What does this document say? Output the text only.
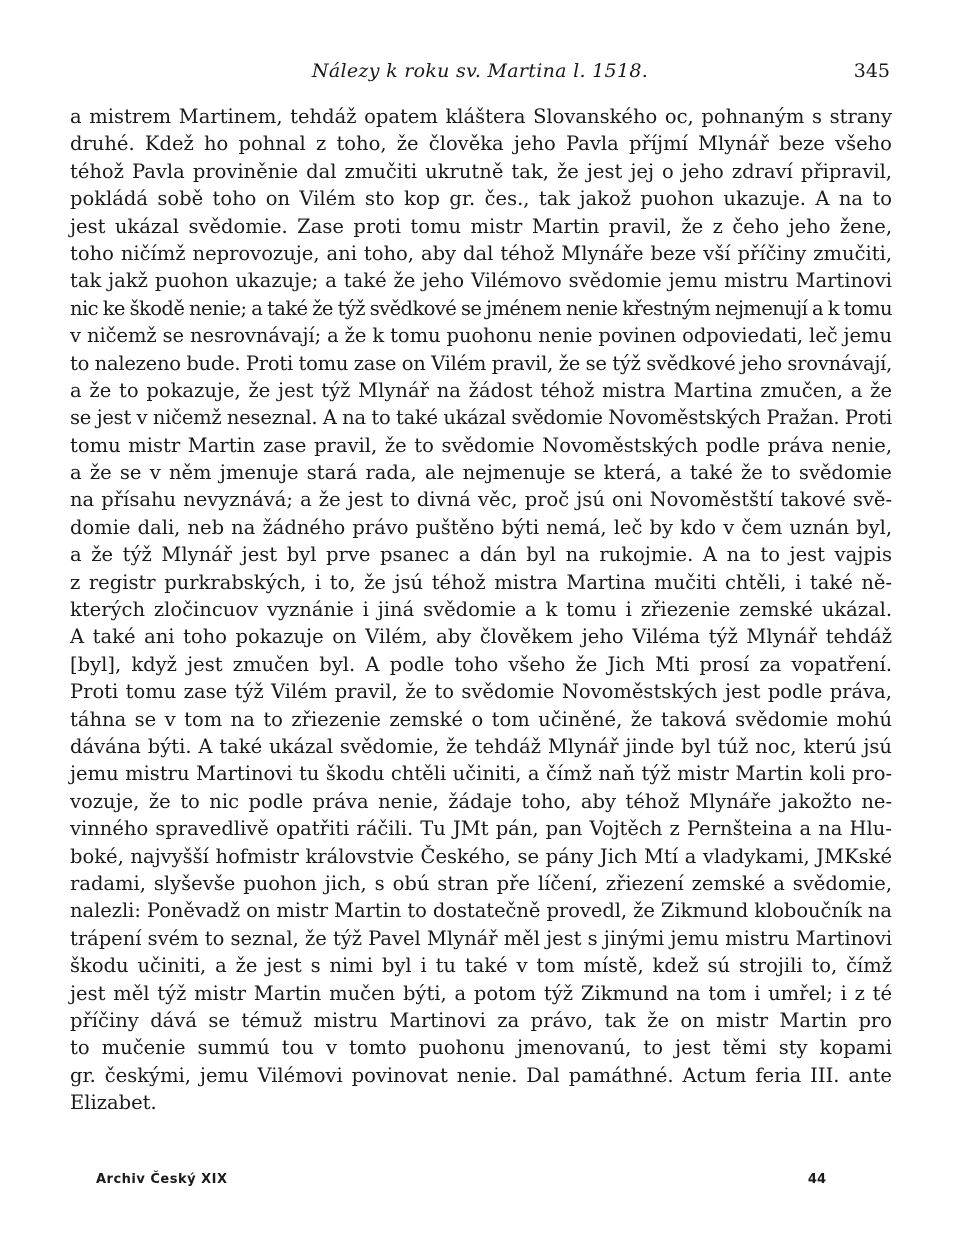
Nálezy k roku sv. Martina l. 1518.	345
a mistrem Martinem, tehdáž opatem kláštera Slovanského oc, pohnaným s strany
druhé. Kdež ho pohnal z toho, že člověka jeho Pavla příjmí Mlynář beze všeho
téhož Pavla proviněnie dal zmučiti ukrutně tak, že jest jej o jeho zdraví připravil,
pokládá sobě toho on Vilém sto kop gr. čes., tak jakož puohon ukazuje. A na to
jest ukázal svědomie. Zase proti tomu mistr Martin pravil, že z čeho jeho žene,
toho ničímž neprovozuje, ani toho, aby dal téhož Mlynáře beze vší příčiny zmučiti,
tak jakž puohon ukazuje; a také že jeho Vilémovo svědomie jemu mistru Martinovi
nic ke škodě nenie; a také že týž svědkové se jménem nenie křestným nejmenují a k tomu
v ničemž se nesrovnávají; a že k tomu puohonu nenie povinen odpoviedati, leč jemu
to nalezeno bude. Proti tomu zase on Vilém pravil, že se týž svědkové jeho srovnávají,
a že to pokazuje, že jest týž Mlynář na žádost téhož mistra Martina zmučen, a že
se jest v ničemž neseznal. A na to také ukázal svědomie Novoměstských Pražan. Proti
tomu mistr Martin zase pravil, že to svědomie Novoměstských podle práva nenie,
a že se v něm jmenuje stará rada, ale nejmenuje se která, a také že to svědomie
na přísahu nevyznává; a že jest to divná věc, proč jsú oni Novoměstští takové svě-
domie dali, neb na žádného právo puštěno býti nemá, leč by kdo v čem uznán byl,
a že týž Mlynář jest byl prve psanec a dán byl na rukojmie. A na to jest vajpis
z registr purkrabských, i to, že jsú téhož mistra Martina mučiti chtěli, i také ně-
kterých zločincuov vyznánie i jiná svědomie a k tomu i zřiezenie zemské ukázal.
A také ani toho pokazuje on Vilém, aby člověkem jeho Viléma týž Mlynář tehdáž
[byl], když jest zmučen byl. A podle toho všeho že Jich Mti prosí za vopatření.
Proti tomu zase týž Vilém pravil, že to svědomie Novoměstských jest podle práva,
táhna se v tom na to zřiezenie zemské o tom učiněné, že taková svědomie mohú
dávána býti. A také ukázal svědomie, že tehdáž Mlynář jinde byl túž noc, kterú jsú
jemu mistru Martinovi tu škodu chtěli učiniti, a čímž naň týž mistr Martin koli pro-
vozuje, že to nic podle práva nenie, žádaje toho, aby téhož Mlynáře jakožto ne-
vinného spravedlivě opatřiti ráčili. Tu JMt pán, pan Vojtěch z Pernšteina a na Hlu-
boké, najvyšší hofmistr královstvie Českého, se pány Jich Mtí a vladykami, JMKské
radami, slyševše puohon jich, s obú stran pře líčení, zřiezení zemské a svědomie,
nalezli: Poněvadž on mistr Martin to dostatečně provedl, že Zikmund kloboučník na
trápení svém to seznal, že týž Pavel Mlynář měl jest s jinými jemu mistru Martinovi
škodu učiniti, a že jest s nimi byl i tu také v tom místě, kdež sú strojili to, čímž
jest měl týž mistr Martin mučen býti, a potom týž Zikmund na tom i umřel; i z té
příčiny dává se témuž mistru Martinovi za právo, tak že on mistr Martin pro
to mučenie summú tou v tomto puohonu jmenovanú, to jest těmi sty kopami
gr. českými, jemu Vilémovi povinovat nenie. Dal památhné. Actum feria III. ante
Elizabet.
Archiv Český XIX	44
